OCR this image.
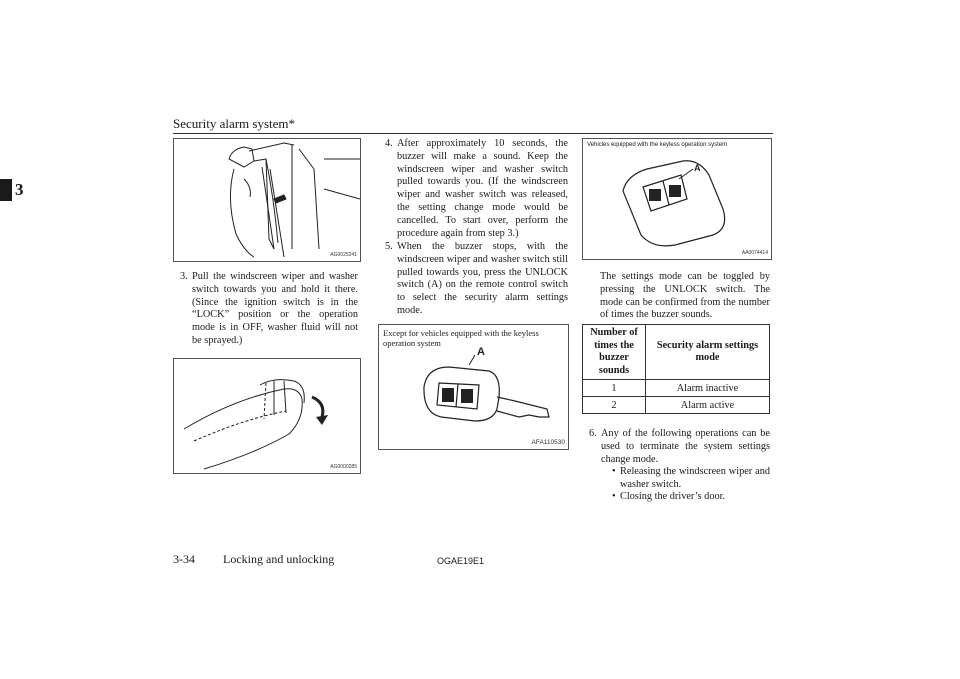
Security alarm system*
3
AG0025241
3. Pull the windscreen wiper and washer switch towards you and hold it there. (Since the ignition switch is in the “LOCK” position or the operation mode is in OFF, washer fluid will not be sprayed.)
AG0000285
4. After approximately 10 seconds, the buzzer will make a sound. Keep the windscreen wiper and washer switch pulled towards you. (If the windscreen wiper and washer switch was released, the setting change mode would be cancelled. To start over, perform the procedure again from step 3.)
5. When the buzzer stops, with the windscreen wiper and washer switch still pulled towards you, press the UNLOCK switch (A) on the remote control switch to select the security alarm settings mode.
Except for vehicles equipped with the keyless operation system
A
AFA110530
Vehicles equipped with the keyless operation system
A
AA0074414
The settings mode can be toggled by pressing the UNLOCK switch. The mode can be confirmed from the number of times the buzzer sounds.
Number of times the buzzer sounds	Security alarm settings mode
1	Alarm inactive
2	Alarm active
6. Any of the following operations can be used to terminate the system settings change mode.
• Releasing the windscreen wiper and washer switch.
• Closing the driver’s door.
3-34 Locking and unlocking	OGAE19E1
